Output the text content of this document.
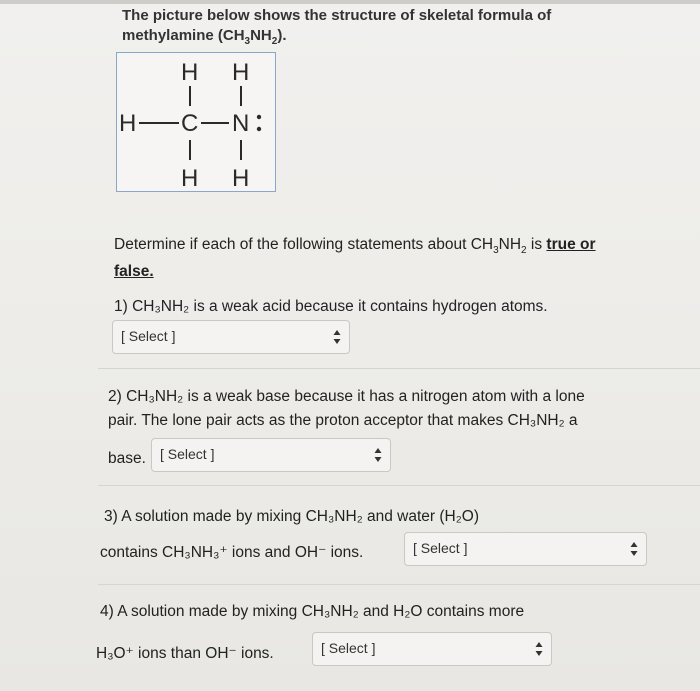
The picture below shows the structure of skeletal formula of
methylamine $(CH_3NH_2)$.
H H
H C N
H H
Determine if each of the following statements about $CH_3NH_2$ is true or
false.
1) CH₃NH₂ is a weak acid because it contains hydrogen atoms.
[ Select ]
2) CH₃NH₂ is a weak base because it has a nitrogen atom with a lone
pair. The lone pair acts as the proton acceptor that makes CH₃NH₂ a
base. [ Select ]
3) A solution made by mixing CH₃NH₂ and water (H₂O)
contains CH₃NH₃⁺ ions and OH⁻ ions.	[ Select ]
4) A solution made by mixing CH₃NH₂ and H₂O contains more
H₃O⁺ ions than OH⁻ ions.	[ Select ]
